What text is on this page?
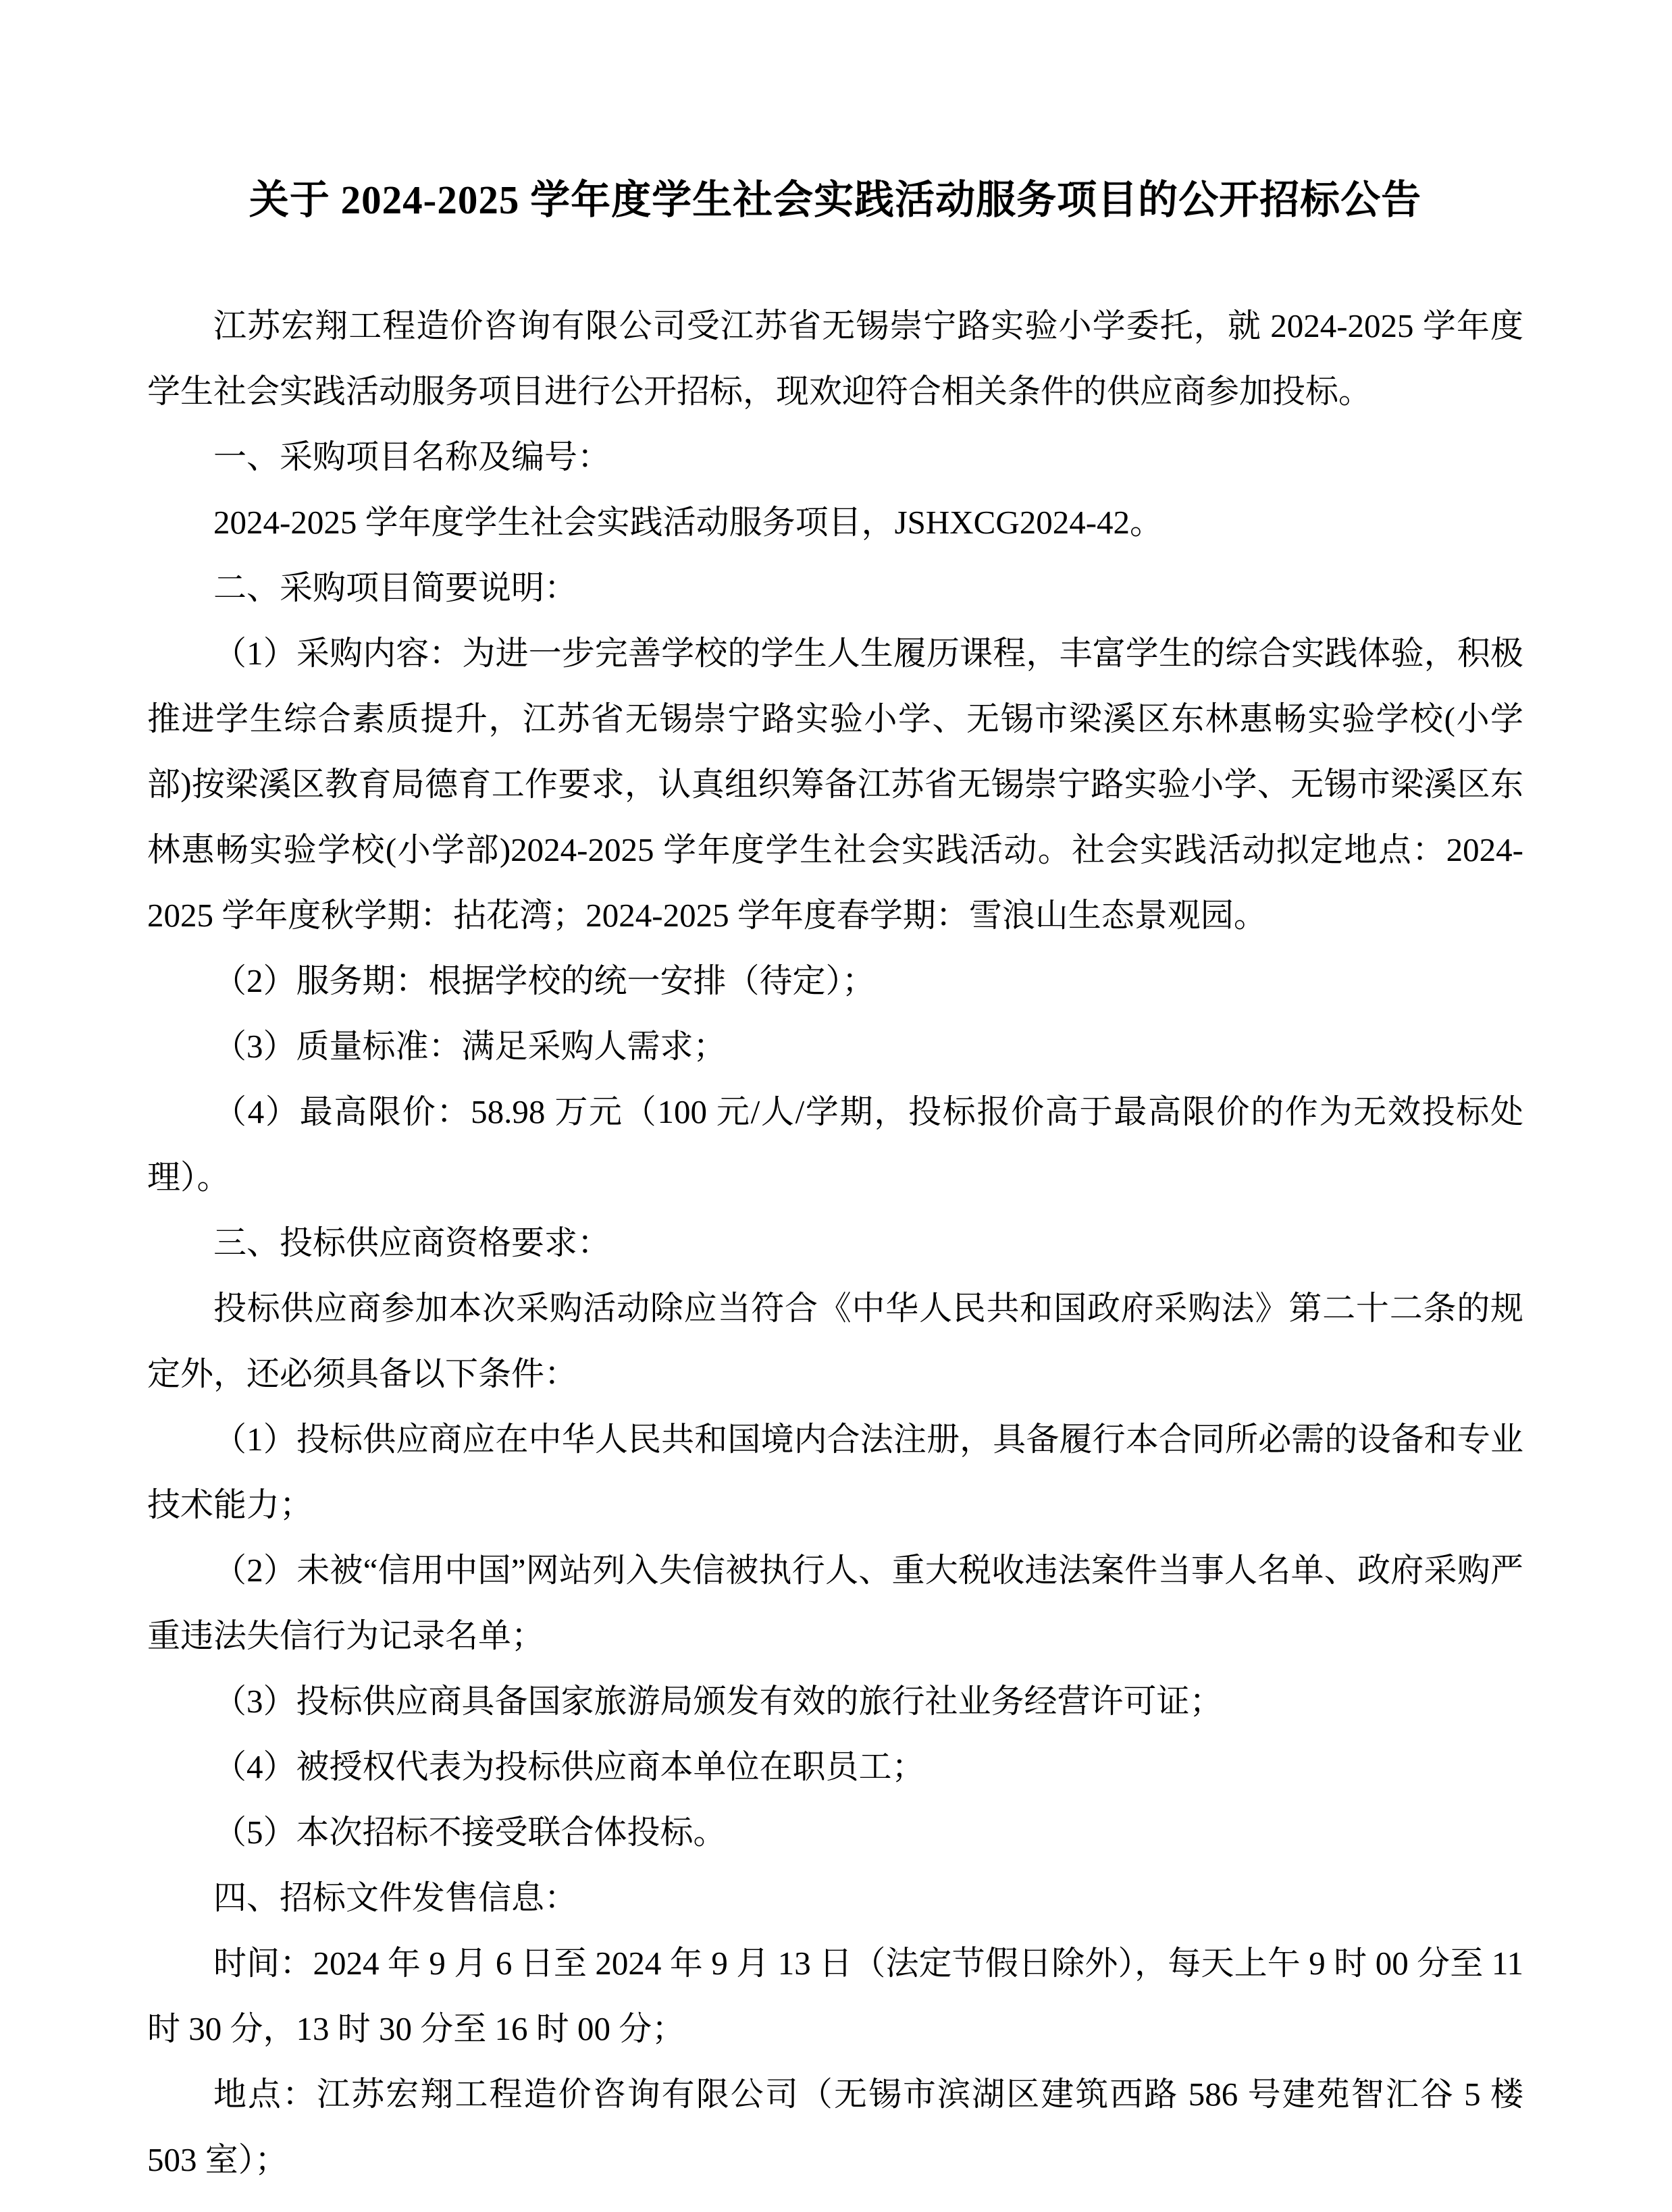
关于 2024-2025 学年度学生社会实践活动服务项目的公开招标公告

江苏宏翔工程造价咨询有限公司受江苏省无锡崇宁路实验小学委托，就 2024-2025 学年度学生社会实践活动服务项目进行公开招标，现欢迎符合相关条件的供应商参加投标。

一、采购项目名称及编号：

2024-2025 学年度学生社会实践活动服务项目，JSHXCG2024-42。

二、采购项目简要说明：

（1）采购内容：为进一步完善学校的学生人生履历课程，丰富学生的综合实践体验，积极推进学生综合素质提升，江苏省无锡崇宁路实验小学、无锡市梁溪区东林惠畅实验学校(小学部)按梁溪区教育局德育工作要求，认真组织筹备江苏省无锡崇宁路实验小学、无锡市梁溪区东林惠畅实验学校(小学部)2024-2025 学年度学生社会实践活动。社会实践活动拟定地点：2024-2025 学年度秋学期：拈花湾；2024-2025 学年度春学期：雪浪山生态景观园。

（2）服务期：根据学校的统一安排（待定）；

（3）质量标准：满足采购人需求；

（4）最高限价：58.98 万元（100 元/人/学期，投标报价高于最高限价的作为无效投标处理）。

三、投标供应商资格要求：

投标供应商参加本次采购活动除应当符合《中华人民共和国政府采购法》第二十二条的规定外，还必须具备以下条件：

（1）投标供应商应在中华人民共和国境内合法注册，具备履行本合同所必需的设备和专业技术能力；

（2）未被“信用中国”网站列入失信被执行人、重大税收违法案件当事人名单、政府采购严重违法失信行为记录名单；

（3）投标供应商具备国家旅游局颁发有效的旅行社业务经营许可证；

（4）被授权代表为投标供应商本单位在职员工；

（5）本次招标不接受联合体投标。

四、招标文件发售信息：

时间：2024 年 9 月 6 日至 2024 年 9 月 13 日（法定节假日除外），每天上午 9 时 00 分至 11 时 30 分，13 时 30 分至 16 时 00 分；

地点：江苏宏翔工程造价咨询有限公司（无锡市滨湖区建筑西路 586 号建苑智汇谷 5 楼 503 室）；
